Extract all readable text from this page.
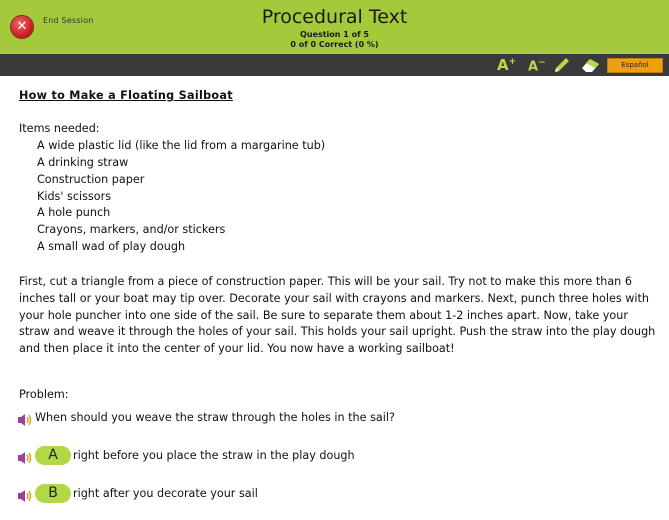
✕	End Session	Procedural Text
Question 1 of 5
0 of 0 Correct (0 %)
A+ A−	Español

How to Make a Floating Sailboat

Items needed:

A wide plastic lid (like the lid from a margarine tub)

A drinking straw

Construction paper

Kids' scissors

A hole punch

Crayons, markers, and/or stickers

A small wad of play dough

First, cut a triangle from a piece of construction paper. This will be your sail. Try not to make this more than 6 inches tall or your boat may tip over. Decorate your sail with crayons and markers. Next, punch three holes with your hole puncher into one side of the sail. Be sure to separate them about 1-2 inches apart. Now, take your straw and weave it through the holes of your sail. This holds your sail upright. Push the straw into the play dough and then place it into the center of your lid. You now have a working sailboat!

Problem:

When should you weave the straw through the holes in the sail?

A	right before you place the straw in the play dough

B	right after you decorate your sail
